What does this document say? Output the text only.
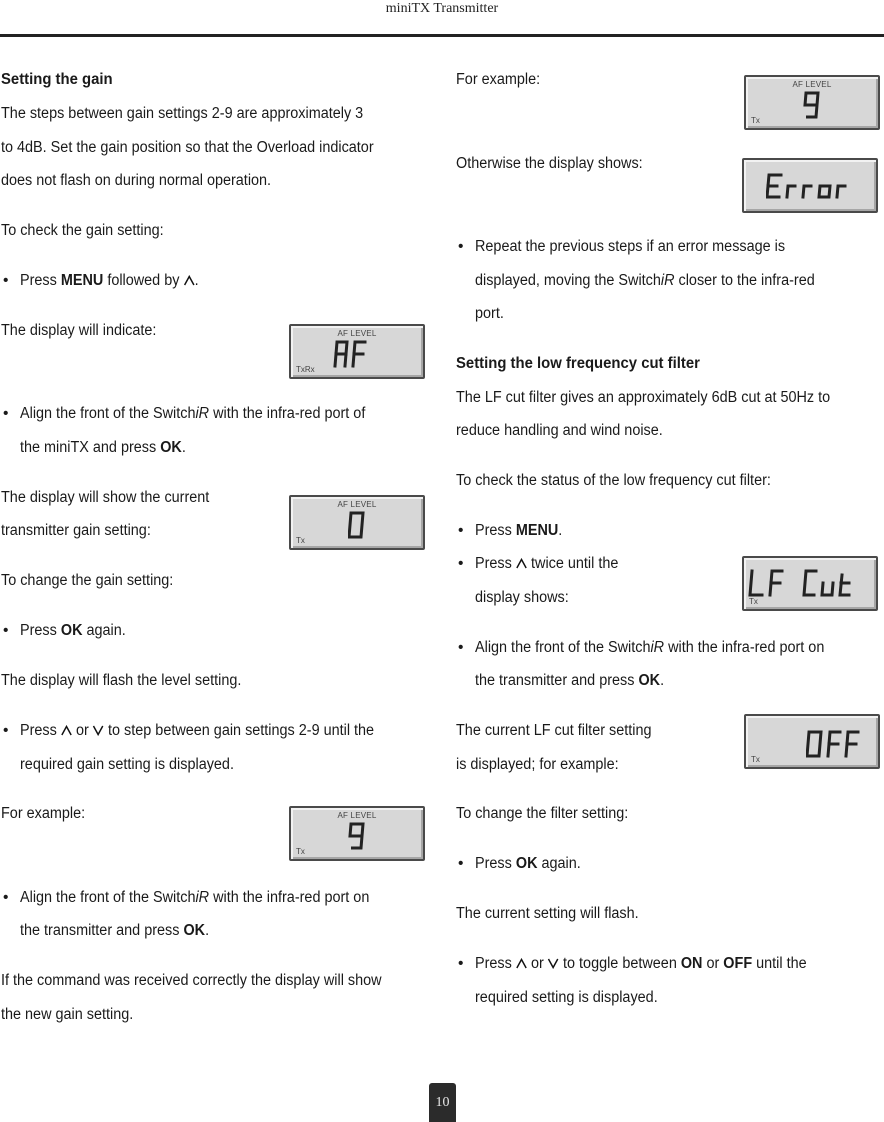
miniTX Transmitter

Setting the gain

The steps between gain settings 2-9 are approximately 3

to 4dB. Set the gain position so that the Overload indicator

does not flash on during normal operation.

To check the gain setting:

• Press MENU followed by .

The display will indicate:

• Align the front of the SwitchiR with the infra-red port of

the miniTX and press OK.

The display will show the current

transmitter gain setting:

To change the gain setting:

• Press OK again.

The display will flash the level setting.

• Press  or  to step between gain settings 2-9 until the

required gain setting is displayed.

For example:

• Align the front of the SwitchiR with the infra-red port on

the transmitter and press OK.

If the command was received correctly the display will show

the new gain setting.

AF LEVEL
TxRx
AF LEVEL
Tx
AF LEVEL
Tx

For example:

Otherwise the display shows:

• Repeat the previous steps if an error message is

displayed, moving the SwitchiR closer to the infra-red

port.

Setting the low frequency cut filter

The LF cut filter gives an approximately 6dB cut at 50Hz to

reduce handling and wind noise.

To check the status of the low frequency cut filter:

• Press MENU.

• Press  twice until the

display shows:

• Align the front of the SwitchiR with the infra-red port on

the transmitter and press OK.

The current LF cut filter setting

is displayed; for example:

To change the filter setting:

• Press OK again.

The current setting will flash.

• Press  or  to toggle between ON or OFF until the

required setting is displayed.

AF LEVEL
Tx
Tx
Tx
10
